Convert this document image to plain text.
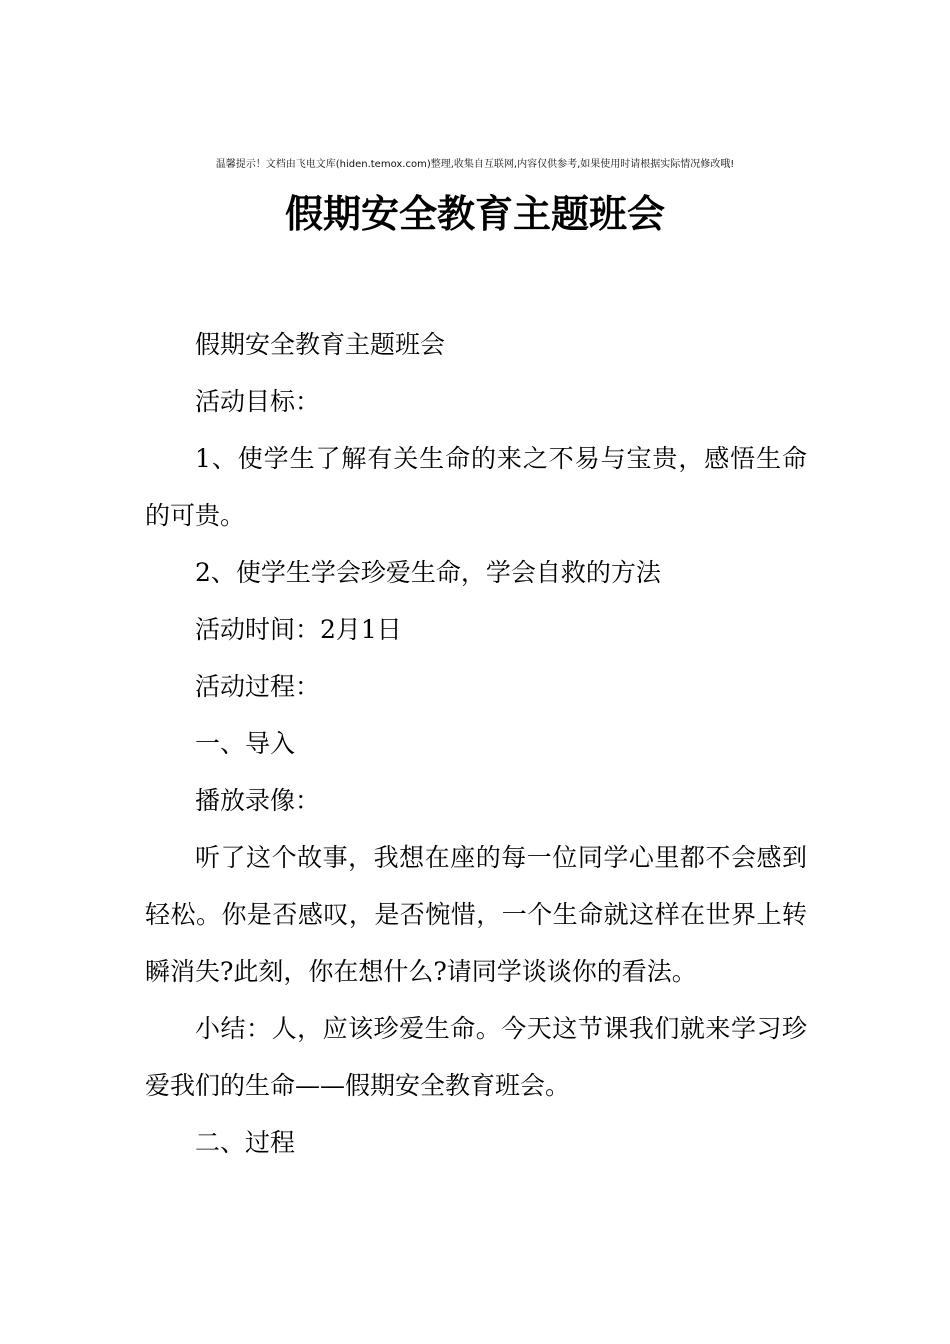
温馨提示！文档由飞电文库(hiden.temox.com)整理,收集自互联网,内容仅供参考,如果使用时请根据实际情况修改哦!
假期安全教育主题班会

假期安全教育主题班会

活动目标：

1、使学生了解有关生命的来之不易与宝贵，感悟生命的可贵。

2、使学生学会珍爱生命，学会自救的方法

活动时间：2月1日

活动过程：

一、导入

播放录像：

听了这个故事，我想在座的每一位同学心里都不会感到轻松。你是否感叹，是否惋惜，一个生命就这样在世界上转瞬消失?此刻，你在想什么?请同学谈谈你的看法。

小结：人，应该珍爱生命。今天这节课我们就来学习珍爱我们的生命——假期安全教育班会。

二、过程
